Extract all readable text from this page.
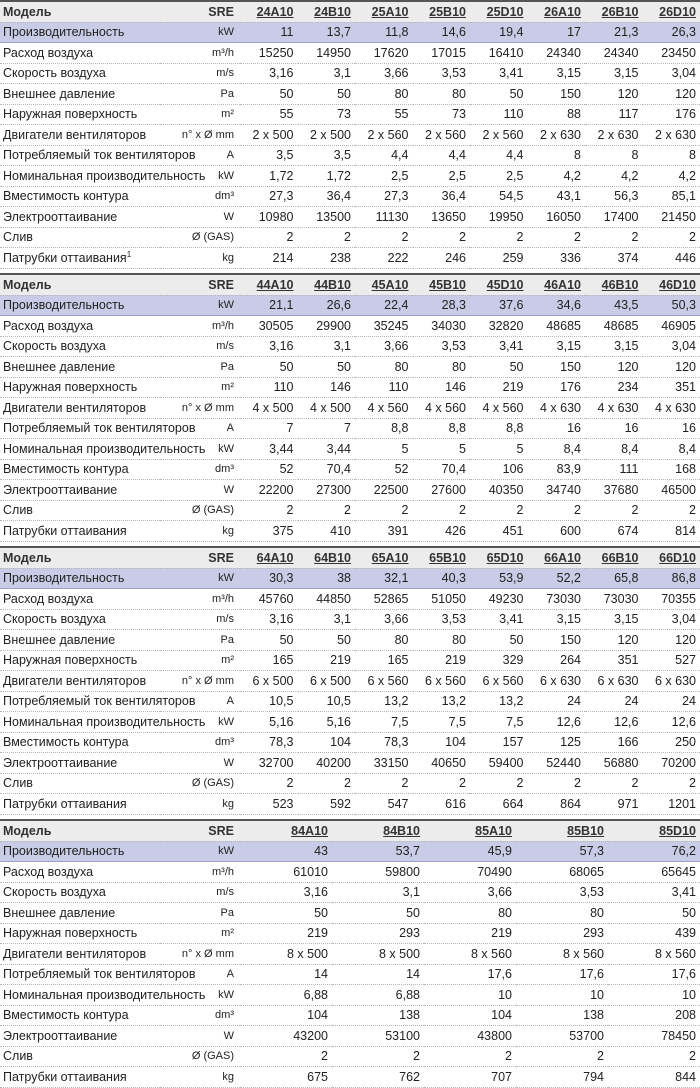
Модель	SRE	24A10	24B10	25A10	25B10	25D10	26A10	26B10	26D10
Производительность	kW	11	13,7	11,8	14,6	19,4	17	21,3	26,3
Расход воздуха	m³/h	15250	14950	17620	17015	16410	24340	24340	23450
Скорость воздуха	m/s	3,16	3,1	3,66	3,53	3,41	3,15	3,15	3,04
Внешнее давление	Pa	50	50	80	80	50	150	120	120
Наружная поверхность	m²	55	73	55	73	110	88	117	176
Двигатели вентиляторов	n° x Ø mm	2 x 500	2 x 500	2 x 560	2 x 560	2 x 560	2 x 630	2 x 630	2 x 630
Потребляемый ток вентиляторов	A	3,5	3,5	4,4	4,4	4,4	8	8	8
Номинальная производительность	kW	1,72	1,72	2,5	2,5	2,5	4,2	4,2	4,2
Вместимость контура	dm³	27,3	36,4	27,3	36,4	54,5	43,1	56,3	85,1
Электрооттаивание	W	10980	13500	11130	13650	19950	16050	17400	21450
Слив	Ø (GAS)	2	2	2	2	2	2	2	2
Патрубки оттаивания$^1$	kg	214	238	222	246	259	336	374	446
Модель	SRE	44A10	44B10	45A10	45B10	45D10	46A10	46B10	46D10
Производительность	kW	21,1	26,6	22,4	28,3	37,6	34,6	43,5	50,3
Расход воздуха	m³/h	30505	29900	35245	34030	32820	48685	48685	46905
Скорость воздуха	m/s	3,16	3,1	3,66	3,53	3,41	3,15	3,15	3,04
Внешнее давление	Pa	50	50	80	80	50	150	120	120
Наружная поверхность	m²	110	146	110	146	219	176	234	351
Двигатели вентиляторов	n° x Ø mm	4 x 500	4 x 500	4 x 560	4 x 560	4 x 560	4 x 630	4 x 630	4 x 630
Потребляемый ток вентиляторов	A	7	7	8,8	8,8	8,8	16	16	16
Номинальная производительность	kW	3,44	3,44	5	5	5	8,4	8,4	8,4
Вместимость контура	dm³	52	70,4	52	70,4	106	83,9	111	168
Электрооттаивание	W	22200	27300	22500	27600	40350	34740	37680	46500
Слив	Ø (GAS)	2	2	2	2	2	2	2	2
Патрубки оттаивания	kg	375	410	391	426	451	600	674	814
Модель	SRE	64A10	64B10	65A10	65B10	65D10	66A10	66B10	66D10
Производительность	kW	30,3	38	32,1	40,3	53,9	52,2	65,8	86,8
Расход воздуха	m³/h	45760	44850	52865	51050	49230	73030	73030	70355
Скорость воздуха	m/s	3,16	3,1	3,66	3,53	3,41	3,15	3,15	3,04
Внешнее давление	Pa	50	50	80	80	50	150	120	120
Наружная поверхность	m²	165	219	165	219	329	264	351	527
Двигатели вентиляторов	n° x Ø mm	6 x 500	6 x 500	6 x 560	6 x 560	6 x 560	6 x 630	6 x 630	6 x 630
Потребляемый ток вентиляторов	A	10,5	10,5	13,2	13,2	13,2	24	24	24
Номинальная производительность	kW	5,16	5,16	7,5	7,5	7,5	12,6	12,6	12,6
Вместимость контура	dm³	78,3	104	78,3	104	157	125	166	250
Электрооттаивание	W	32700	40200	33150	40650	59400	52440	56880	70200
Слив	Ø (GAS)	2	2	2	2	2	2	2	2
Патрубки оттаивания	kg	523	592	547	616	664	864	971	1201
Модель	SRE	84A10	84B10	85A10	85B10	85D10
Производительность	kW	43	53,7	45,9	57,3	76,2
Расход воздуха	m³/h	61010	59800	70490	68065	65645
Скорость воздуха	m/s	3,16	3,1	3,66	3,53	3,41
Внешнее давление	Pa	50	50	80	80	50
Наружная поверхность	m²	219	293	219	293	439
Двигатели вентиляторов	n° x Ø mm	8 x 500	8 x 500	8 x 560	8 x 560	8 x 560
Потребляемый ток вентиляторов	A	14	14	17,6	17,6	17,6
Номинальная производительность	kW	6,88	6,88	10	10	10
Вместимость контура	dm³	104	138	104	138	208
Электрооттаивание	W	43200	53100	43800	53700	78450
Слив	Ø (GAS)	2	2	2	2	2
Патрубки оттаивания	kg	675	762	707	794	844
